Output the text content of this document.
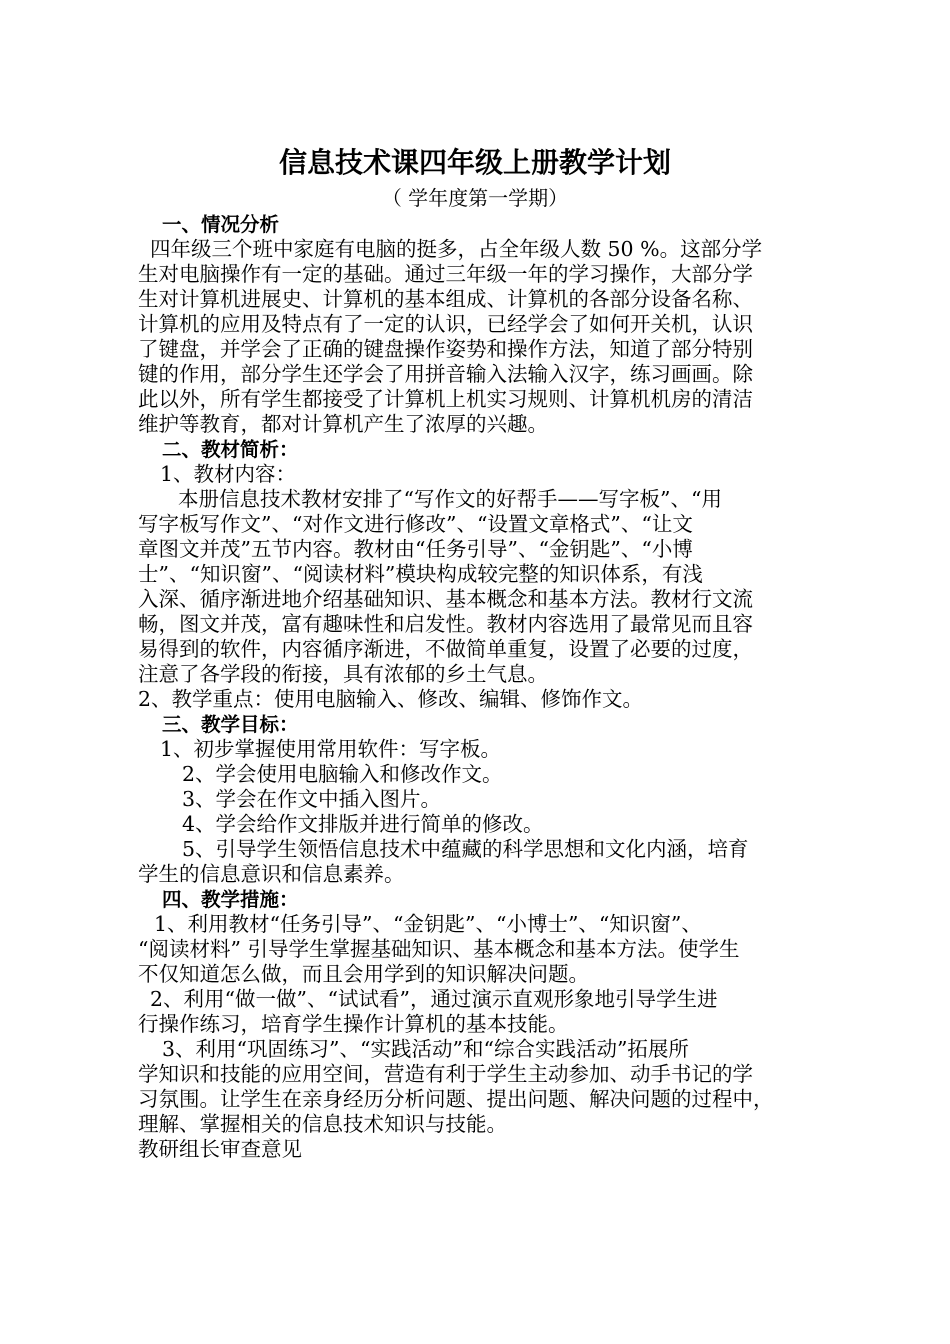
信息技术课四年级上册教学计划
（ 学年度第一学期）
一、情况分析
四年级三个班中家庭有电脑的挺多，占全年级人数 50 %。这部分学
生对电脑操作有一定的基础。通过三年级一年的学习操作，大部分学
生对计算机进展史、计算机的基本组成、计算机的各部分设备名称、
计算机的应用及特点有了一定的认识，已经学会了如何开关机，认识
了键盘，并学会了正确的键盘操作姿势和操作方法，知道了部分特别
键的作用，部分学生还学会了用拼音输入法输入汉字，练习画画。除
此以外，所有学生都接受了计算机上机实习规则、计算机机房的清洁
维护等教育，都对计算机产生了浓厚的兴趣。
二、教材简析：
1、教材内容：
本册信息技术教材安排了“写作文的好帮手——写字板”、“用
写字板写作文”、“对作文进行修改”、“设置文章格式”、“让文
章图文并茂”五节内容。教材由“任务引导”、“金钥匙”、“小博
士”、“知识窗”、“阅读材料”模块构成较完整的知识体系，有浅
入深、循序渐进地介绍基础知识、基本概念和基本方法。教材行文流
畅，图文并茂，富有趣味性和启发性。教材内容选用了最常见而且容
易得到的软件，内容循序渐进，不做简单重复，设置了必要的过度，
注意了各学段的衔接，具有浓郁的乡土气息。
2、教学重点：使用电脑输入、修改、编辑、修饰作文。
三、教学目标：
1、初步掌握使用常用软件：写字板。
2、学会使用电脑输入和修改作文。
3、学会在作文中插入图片。
4、学会给作文排版并进行简单的修改。
5、引导学生领悟信息技术中蕴藏的科学思想和文化内涵，培育
学生的信息意识和信息素养。
四、教学措施：
1、利用教材“任务引导”、“金钥匙”、“小博士”、“知识窗”、
“阅读材料” 引导学生掌握基础知识、基本概念和基本方法。使学生
不仅知道怎么做，而且会用学到的知识解决问题。
2、利用“做一做”、“试试看”，通过演示直观形象地引导学生进
行操作练习，培育学生操作计算机的基本技能。
3、利用“巩固练习”、“实践活动”和“综合实践活动”拓展所
学知识和技能的应用空间，营造有利于学生主动参加、动手书记的学
习氛围。让学生在亲身经历分析问题、提出问题、解决问题的过程中，
理解、掌握相关的信息技术知识与技能。
教研组长审查意见
